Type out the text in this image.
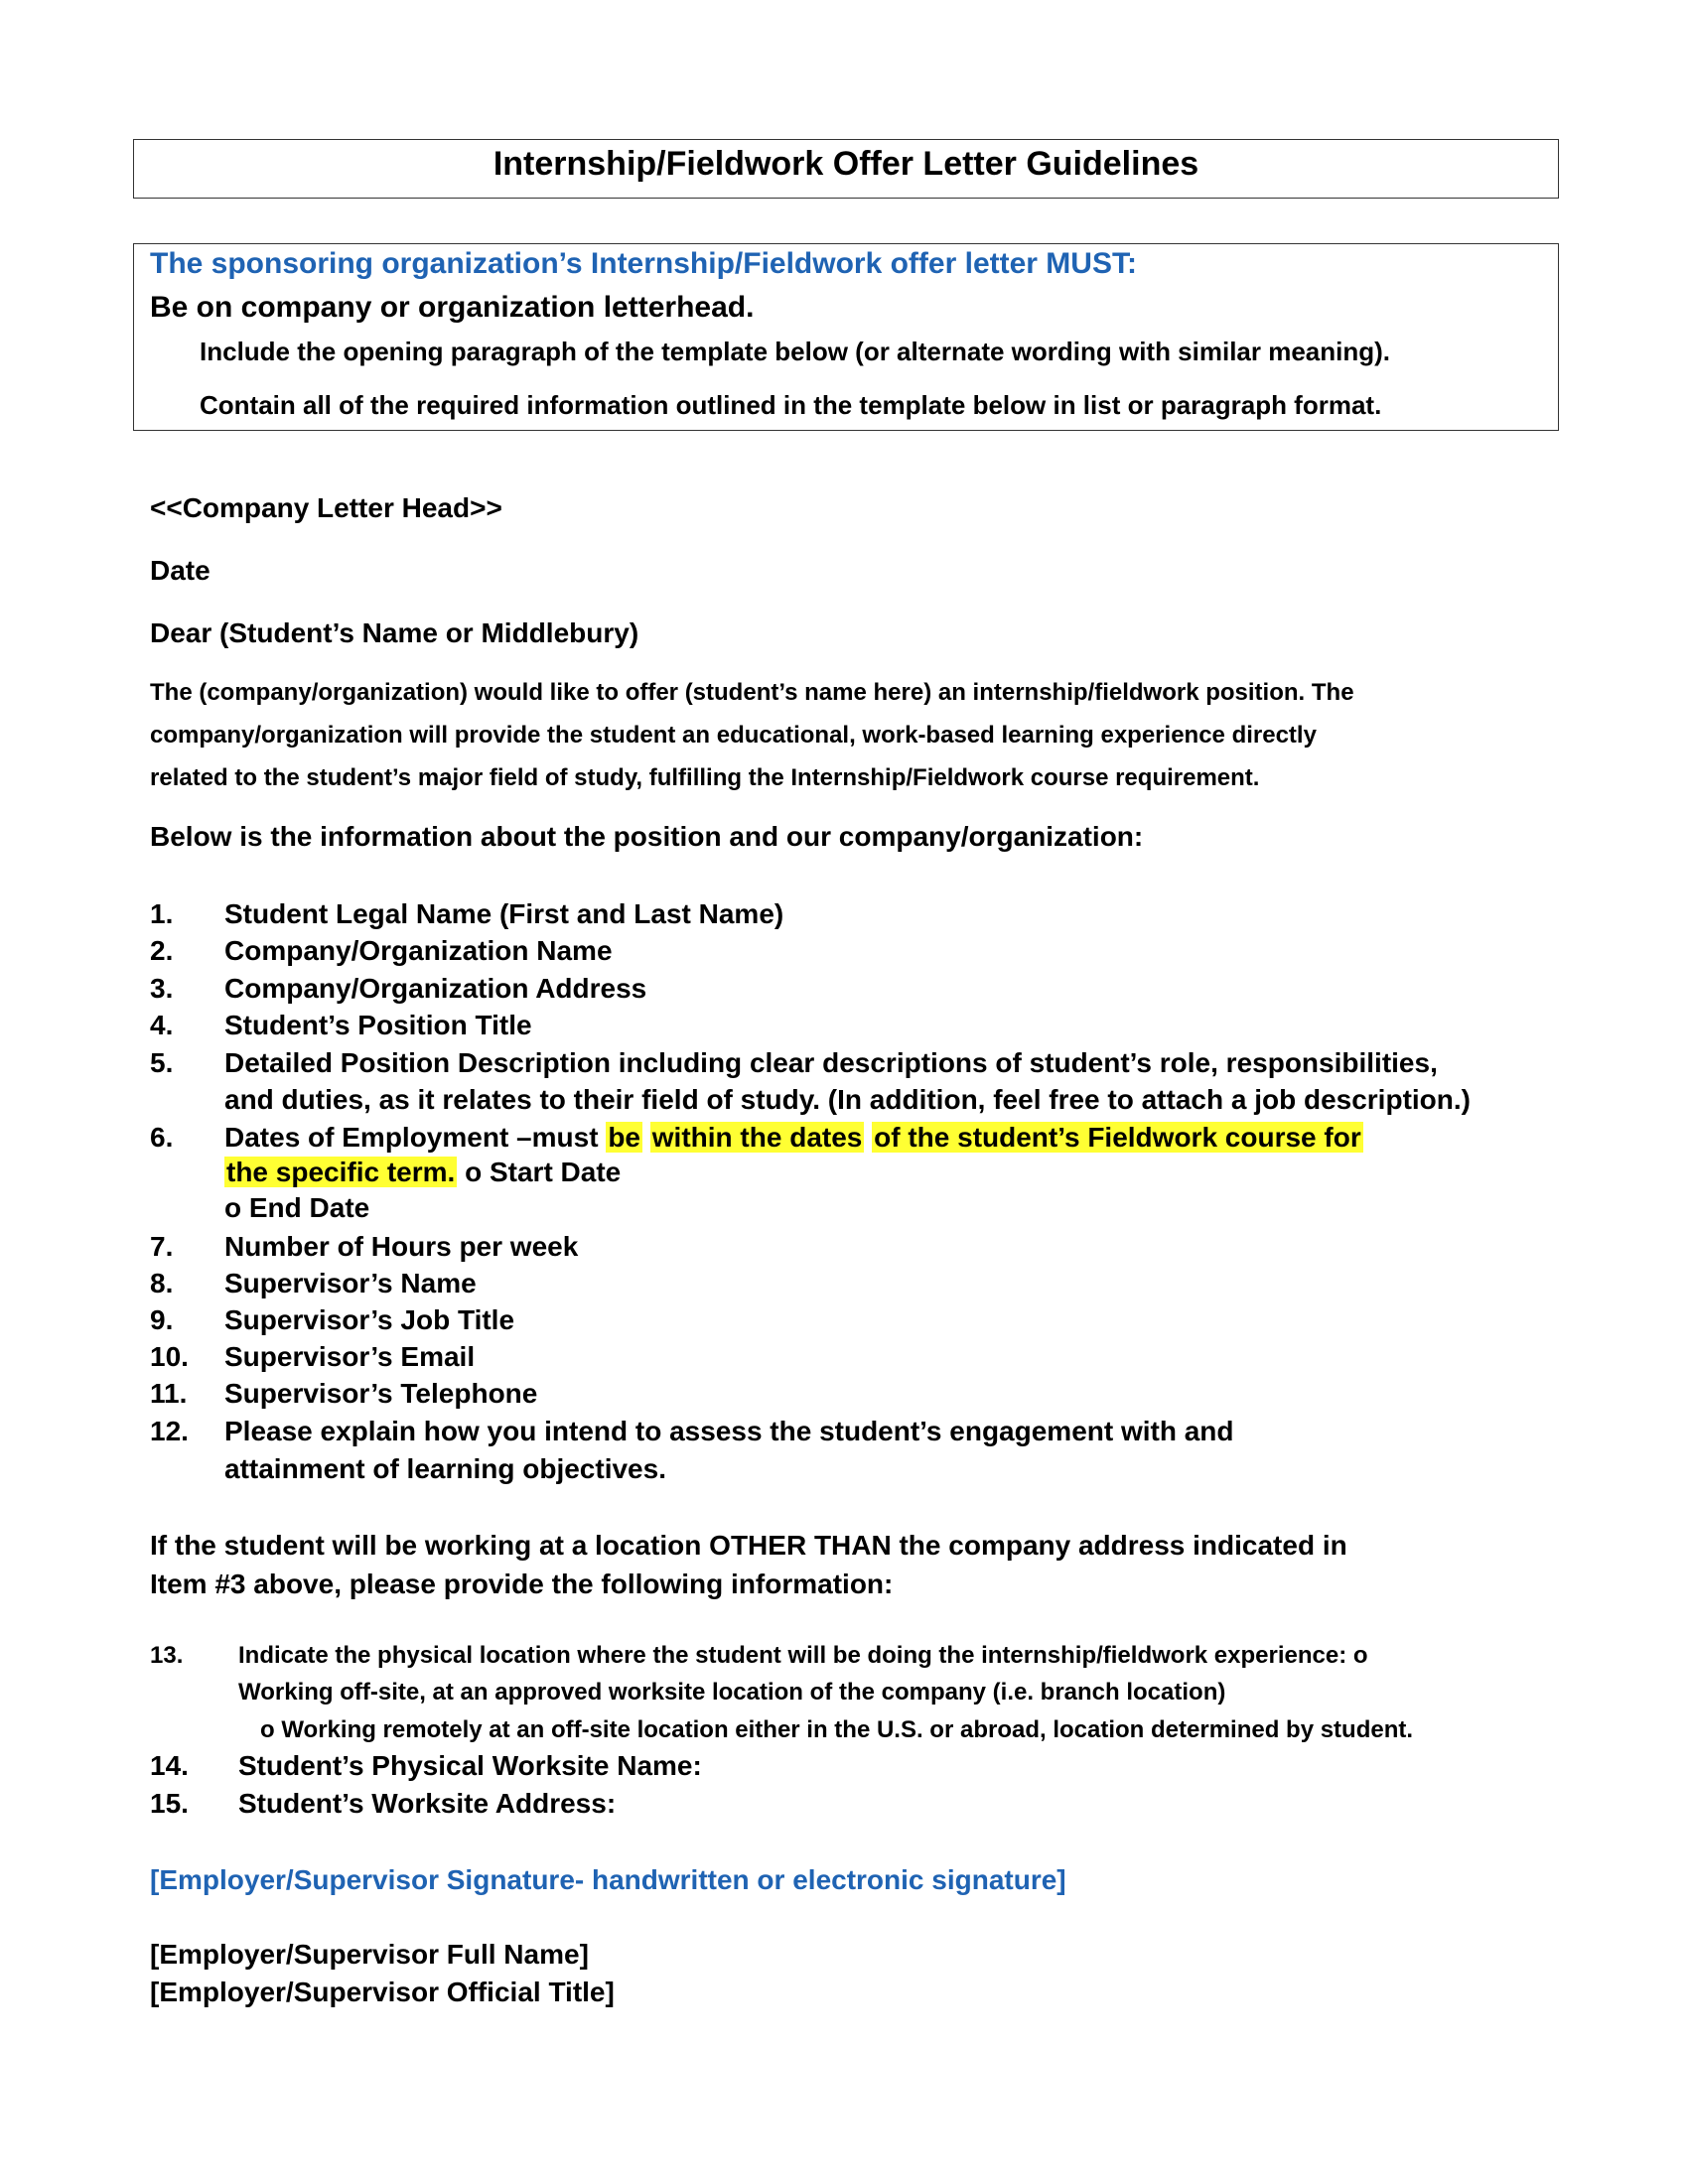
Internship/Fieldwork Offer Letter Guidelines
The sponsoring organization’s Internship/Fieldwork offer letter MUST:
Be on company or organization letterhead.
Include the opening paragraph of the template below (or alternate wording with similar meaning).
Contain all of the required information outlined in the template below in list or paragraph format.
<<Company Letter Head>>
Date
Dear (Student’s Name or Middlebury)
The (company/organization) would like to offer (student’s name here) an internship/fieldwork position. The
company/organization will provide the student an educational, work-based learning experience directly
related to the student’s major field of study, fulfilling the Internship/Fieldwork course requirement.
Below is the information about the position and our company/organization:
1. Student Legal Name (First and Last Name)
2. Company/Organization Name
3. Company/Organization Address
4. Student’s Position Title
5. Detailed Position Description including clear descriptions of student’s role, responsibilities,
and duties, as it relates to their field of study. (In addition, feel free to attach a job description.)
6. Dates of Employment –must be within the dates of the student’s Fieldwork course for
the specific term. o Start Date
o End Date
7. Number of Hours per week
8. Supervisor’s Name
9. Supervisor’s Job Title
10. Supervisor’s Email
11. Supervisor’s Telephone
12. Please explain how you intend to assess the student’s engagement with and
attainment of learning objectives.
If the student will be working at a location OTHER THAN the company address indicated in
Item #3 above, please provide the following information:
13. Indicate the physical location where the student will be doing the internship/fieldwork experience: o
Working off-site, at an approved worksite location of the company (i.e. branch location)
o Working remotely at an off-site location either in the U.S. or abroad, location determined by student.
14. Student’s Physical Worksite Name:
15. Student’s Worksite Address:
[Employer/Supervisor Signature- handwritten or electronic signature]
[Employer/Supervisor Full Name]
[Employer/Supervisor Official Title]
